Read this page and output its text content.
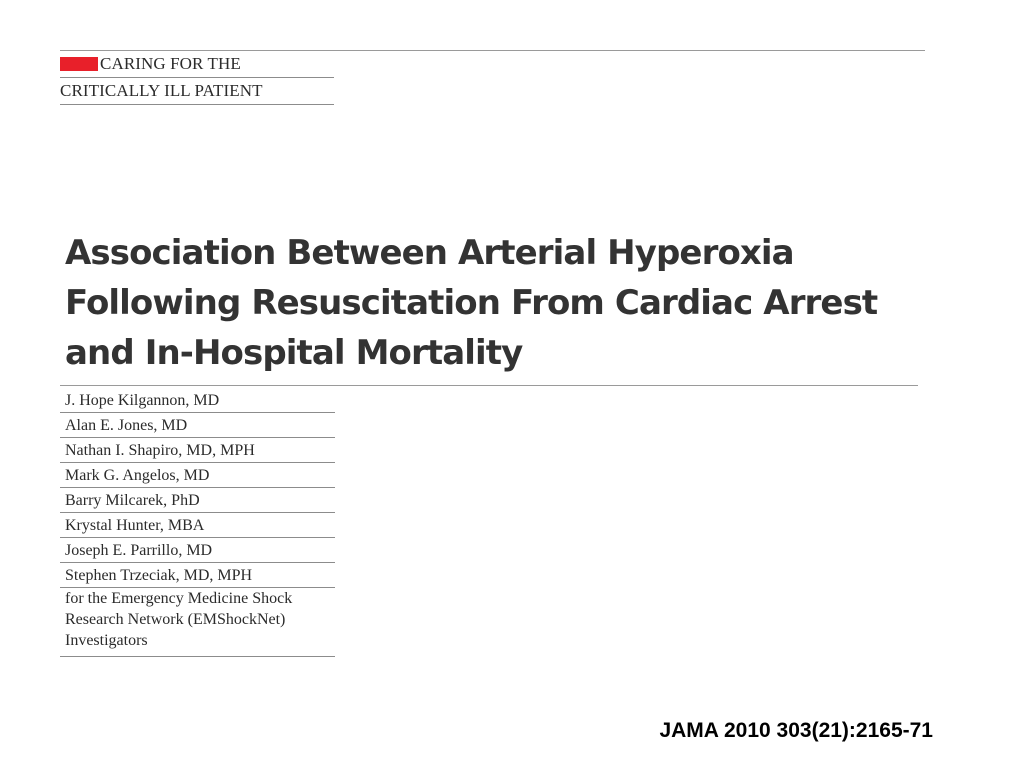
CARING FOR THE
CRITICALLY ILL PATIENT
Association Between Arterial Hyperoxia
Following Resuscitation From Cardiac Arrest
and In-Hospital Mortality
J. Hope Kilgannon, MD
Alan E. Jones, MD
Nathan I. Shapiro, MD, MPH
Mark G. Angelos, MD
Barry Milcarek, PhD
Krystal Hunter, MBA
Joseph E. Parrillo, MD
Stephen Trzeciak, MD, MPH
for the Emergency Medicine Shock
Research Network (EMShockNet)
Investigators
JAMA 2010 303(21):2165-71
